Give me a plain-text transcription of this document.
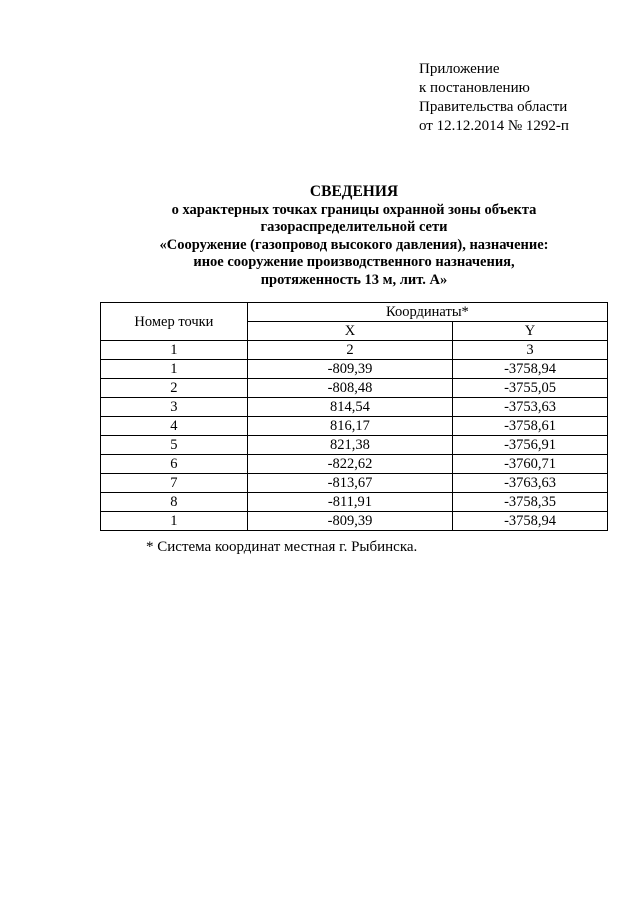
Приложение
к постановлению
Правительства области
от 12.12.2014 № 1292-п
СВЕДЕНИЯ
о характерных точках границы охранной зоны объекта
газораспределительной сети
«Сооружение (газопровод высокого давления), назначение:
иное сооружение производственного назначения,
протяженность 13 м, лит. А»
Номер точки	Координаты*	
	X	Y
1	2	3
1	-809,39	-3758,94
2	-808,48	-3755,05
3	814,54	-3753,63
4	816,17	-3758,61
5	821,38	-3756,91
6	-822,62	-3760,71
7	-813,67	-3763,63
8	-811,91	-3758,35
1	-809,39	-3758,94
* Система координат местная г. Рыбинска.
